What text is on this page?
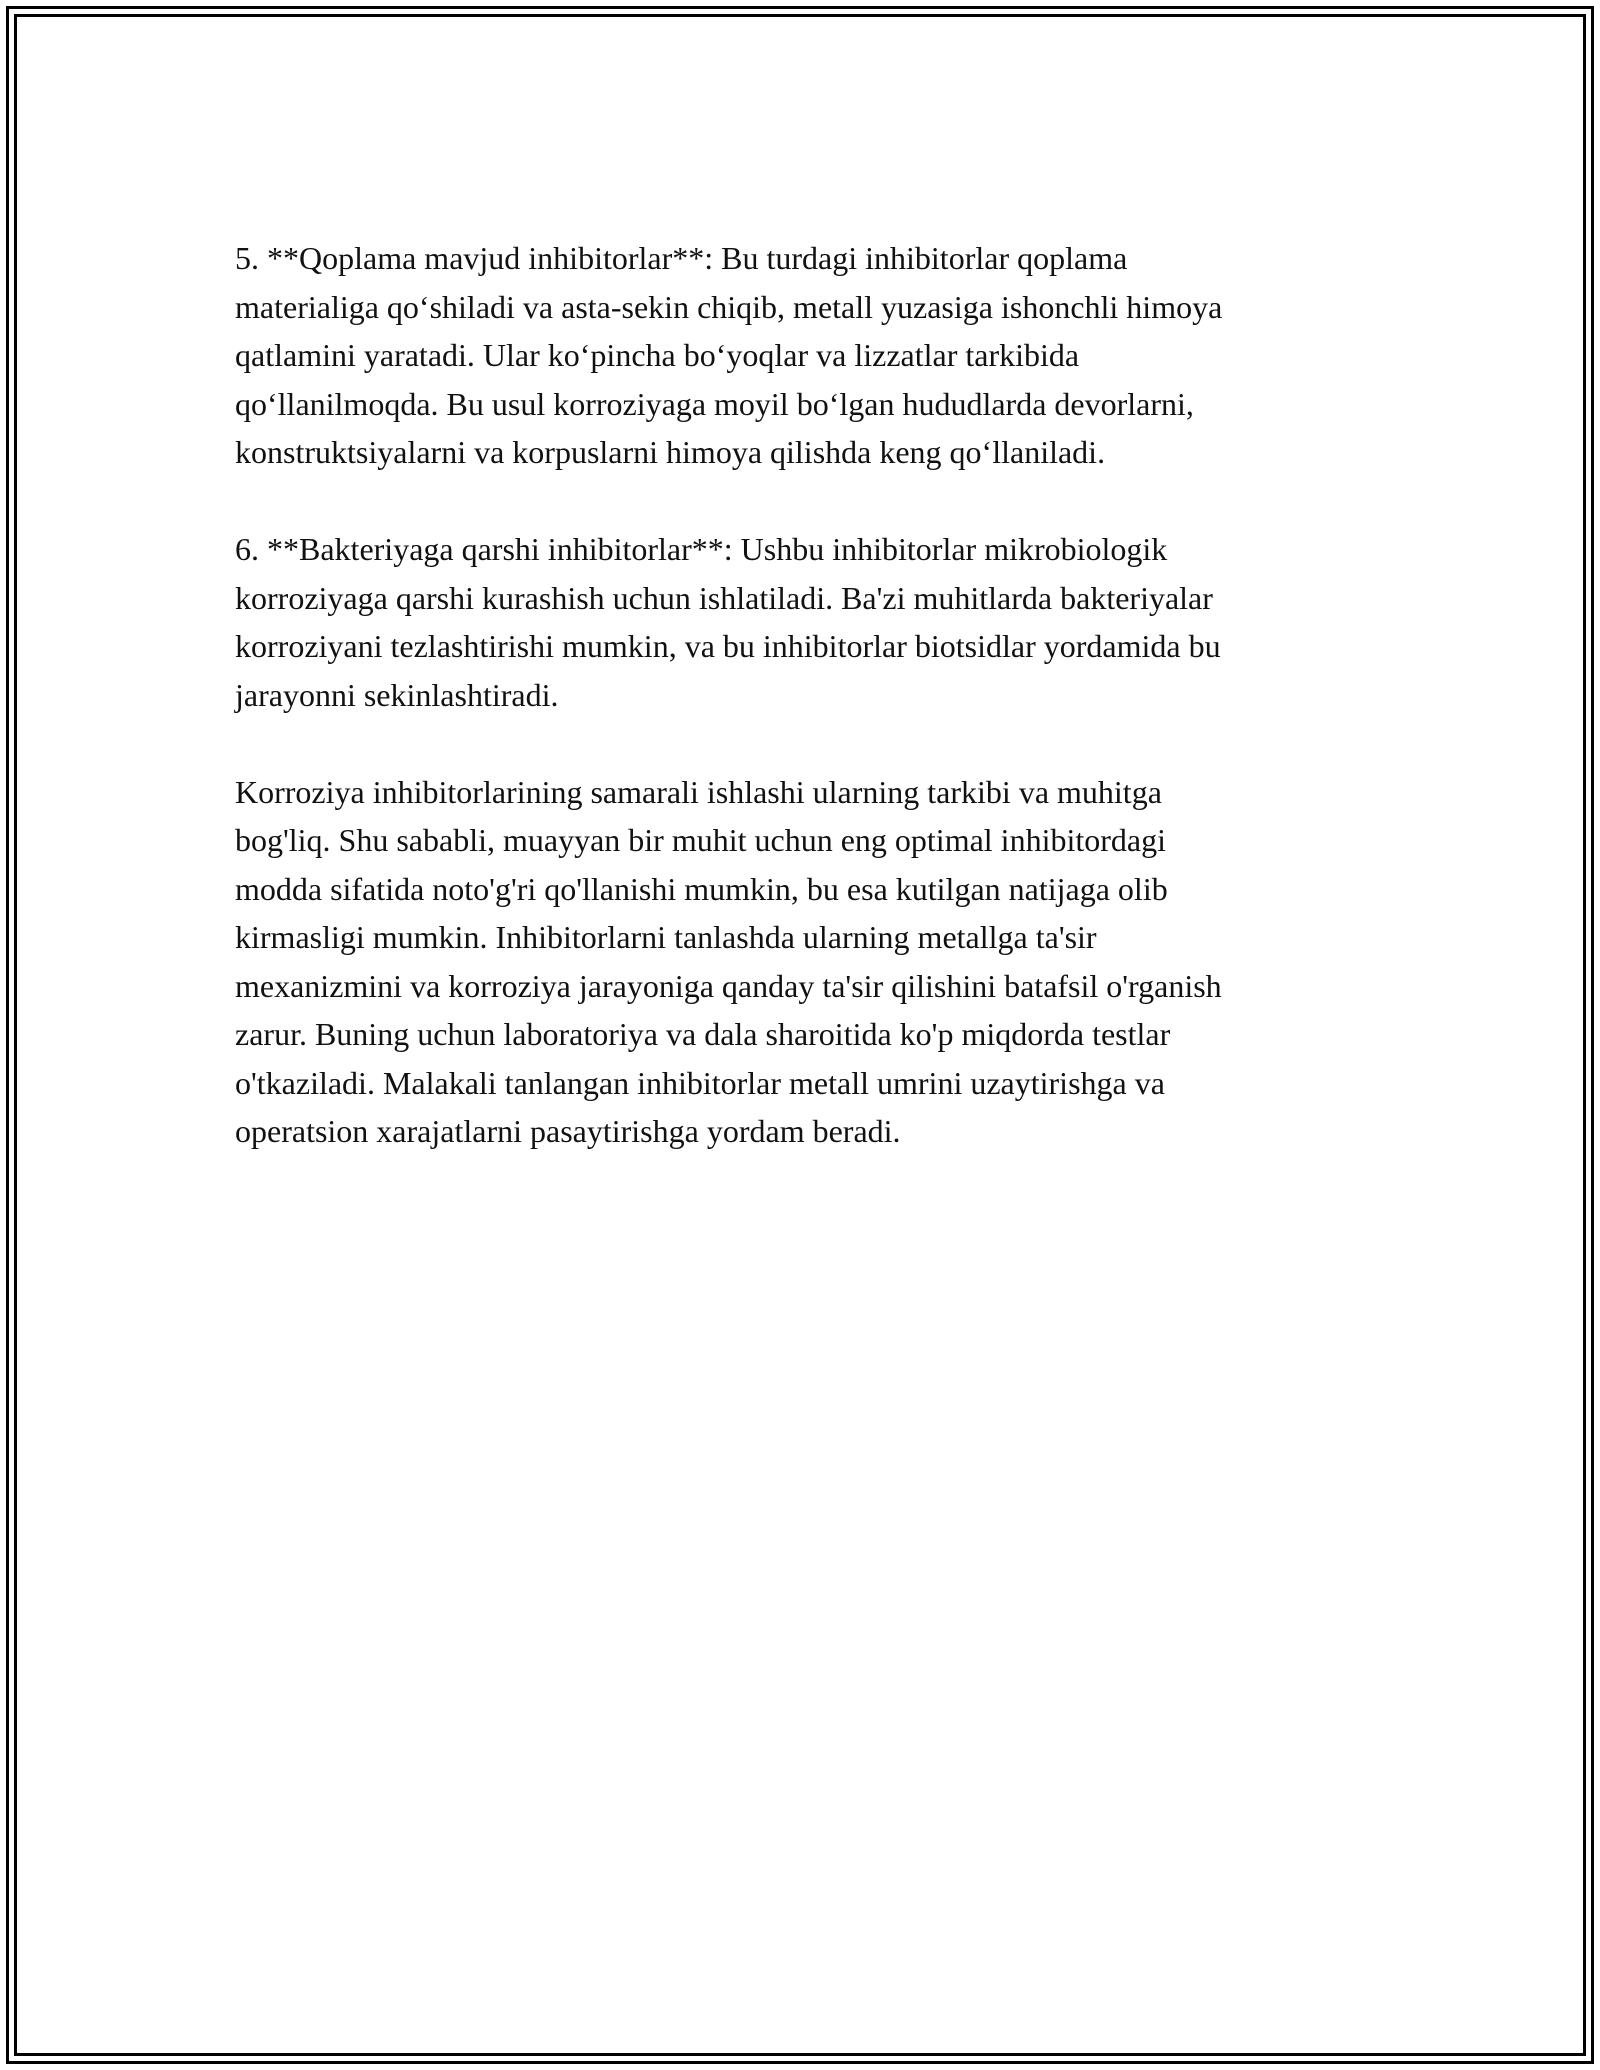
5. **Qoplama mavjud inhibitorlar**: Bu turdagi inhibitorlar qoplama
materialiga qo‘shiladi va asta-sekin chiqib, metall yuzasiga ishonchli himoya
qatlamini yaratadi. Ular ko‘pincha bo‘yoqlar va lizzatlar tarkibida
qo‘llanilmoqda. Bu usul korroziyaga moyil bo‘lgan hududlarda devorlarni,
konstruktsiyalarni va korpuslarni himoya qilishda keng qo‘llaniladi.

6. **Bakteriyaga qarshi inhibitorlar**: Ushbu inhibitorlar mikrobiologik
korroziyaga qarshi kurashish uchun ishlatiladi. Ba'zi muhitlarda bakteriyalar
korroziyani tezlashtirishi mumkin, va bu inhibitorlar biotsidlar yordamida bu
jarayonni sekinlashtiradi.

Korroziya inhibitorlarining samarali ishlashi ularning tarkibi va muhitga
bog'liq. Shu sababli, muayyan bir muhit uchun eng optimal inhibitordagi
modda sifatida noto'g'ri qo'llanishi mumkin, bu esa kutilgan natijaga olib
kirmasligi mumkin. Inhibitorlarni tanlashda ularning metallga ta'sir
mexanizmini va korroziya jarayoniga qanday ta'sir qilishini batafsil o'rganish
zarur. Buning uchun laboratoriya va dala sharoitida ko'p miqdorda testlar
o'tkaziladi. Malakali tanlangan inhibitorlar metall umrini uzaytirishga va
operatsion xarajatlarni pasaytirishga yordam beradi.
